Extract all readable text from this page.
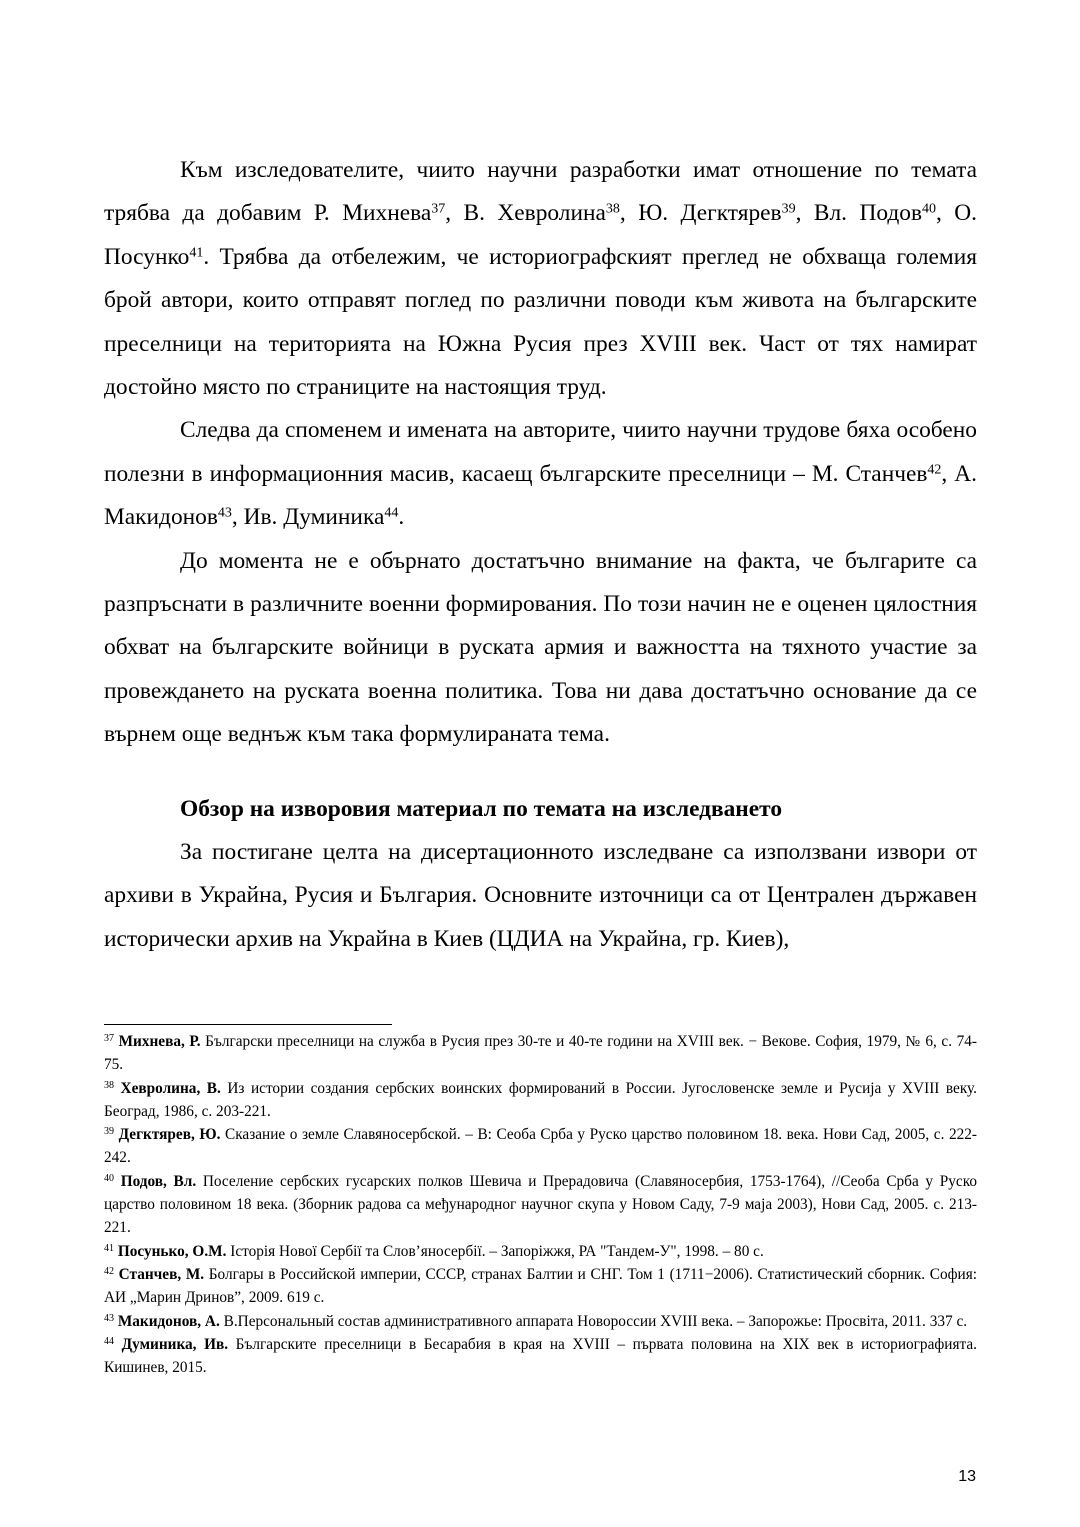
Към изследователите, чиито научни разработки имат отношение по темата трябва да добавим Р. Михнева$^{37}$, В. Хевролина$^{38}$, Ю. Дегктярев$^{39}$, Вл. Подов$^{40}$, О. Посунко$^{41}$. Трябва да отбележим, че историографският преглед не обхваща големия брой автори, които отправят поглед по различни поводи към живота на българските преселници на територията на Южна Русия през XVIII век. Част от тях намират достойно място по страниците на настоящия труд.

Следва да споменем и имената на авторите, чиито научни трудове бяха особено полезни в информационния масив, касаещ българските преселници – М. Станчев$^{42}$, А. Макидонов$^{43}$, Ив. Думиника$^{44}$.

До момента не е обърнато достатъчно внимание на факта, че българите са разпръснати в различните военни формирования. По този начин не е оценен цялостния обхват на българските войници в руската армия и важността на тяхното участие за провеждането на руската военна политика. Това ни дава достатъчно основание да се върнем още веднъж към така формулираната тема.

Обзор на изворовия материал по темата на изследването

За постигане целта на дисертационното изследване са използвани извори от архиви в Украйна, Русия и България. Основните източници са от Централен държавен исторически архив на Украйна в Киев (ЦДИА на Украйна, гр. Киев),

$^{37}$ Михнева, Р. Български преселници на служба в Русия през 30-те и 40-те години на XVIII век. − Векове. София, 1979, № 6, с. 74-75.

$^{38}$ Хевролина, В. Из истории создания сербских воинских формирований в России. Југословенске земле и Русија у XVIII веку. Београд, 1986, с. 203-221.

$^{39}$ Дегктярев, Ю. Сказание о земле Славяносербской. – В: Сеоба Срба у Руско царство половином 18. века. Нови Сад, 2005, с. 222-242.

$^{40}$ Подов, Вл. Поселение сербских гусарских полков Шевича и Прерадовича (Славяносербия, 1753-1764), //Сеоба Срба у Руско царство половином 18 века. (Зборник радова са међународног научног скупа у Новом Саду, 7-9 маја 2003), Нови Сад, 2005. с. 213-221.

$^{41}$ Посунько, О.М. Історія Нової Сербії та Слов’яносербії. – Запоріжжя, РА "Тандем-У", 1998. – 80 с.

$^{42}$ Станчев, М. Болгары в Российской империи, СССР, странах Балтии и СНГ. Том 1 (1711−2006). Статистический сборник. София: АИ „Марин Дринов”, 2009. 619 с.

$^{43}$ Макидонов, А. В.Персональный состав административного аппарата Новороссии XVIII века. – Запорожье: Просвіта, 2011. 337 с.

$^{44}$ Думиника, Ив. Българските преселници в Бесарабия в края на XVIII – първата половина на XIX век в историографията. Кишинев, 2015.

13
